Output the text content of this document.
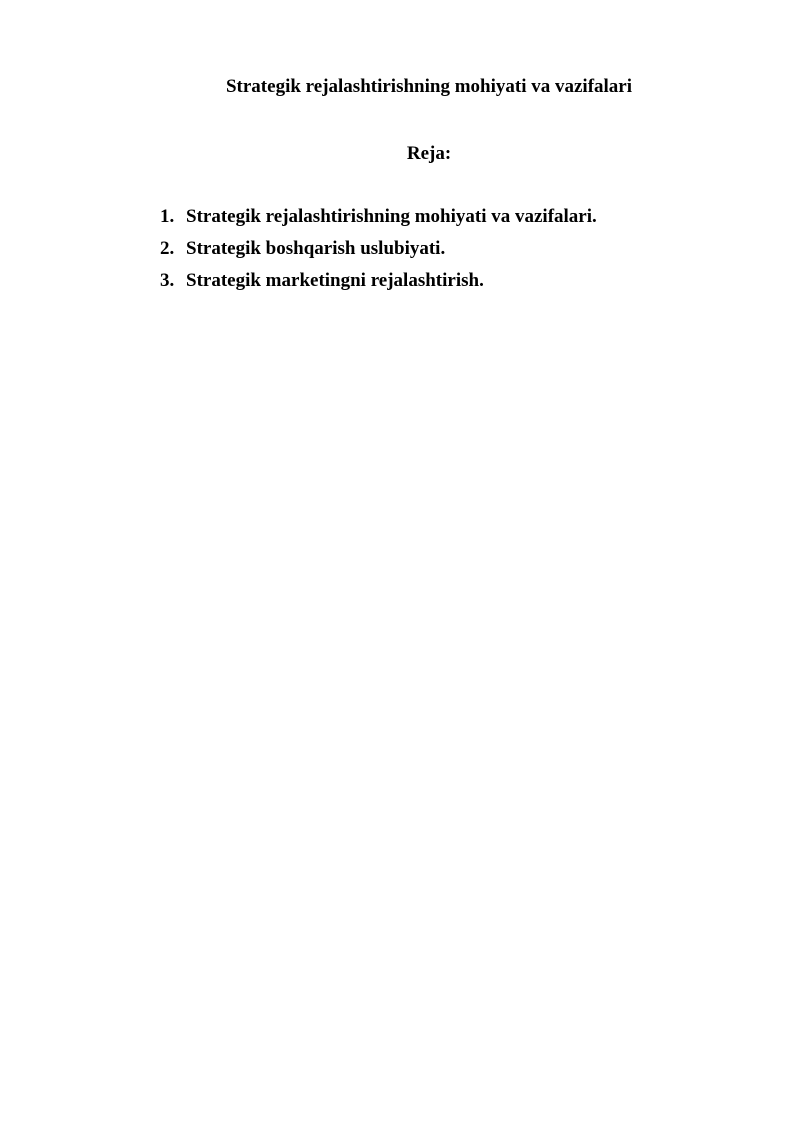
Strategik rejalashtirishning mohiyati va vazifalari
Reja:
1. Strategik rejalashtirishning mohiyati va vazifalari.
2. Strategik boshqarish uslubiyati.
3. Strategik marketingni rejalashtirish.
